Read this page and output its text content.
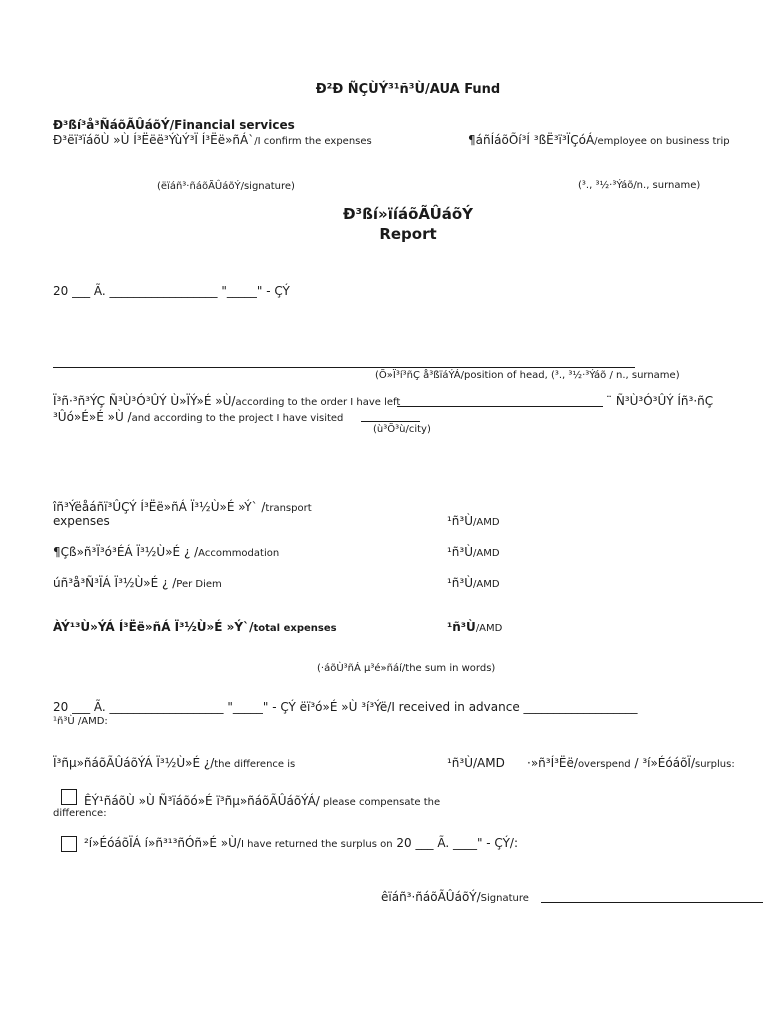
Ð²Ð ÑÇÙÝ³¹ñ³Ù/AUA Fund
Ð³ßí³å³ÑáõÃÛáõÝ/Financial services
Ð³ëï³ïáõÙ »Ù Í³Ëëë³ÝùÝ³Ï Í³Ëë»ñÁ`/I confirm the expenses
(ëïáñ³·ñáõÃÛáõÝ/signature)
¶áñÍáõÕí³Í ³ßË³ï³ÏÇóÁ/employee on business trip
(³., ³½·³Ýáõ/n., surname)
Ð³ßí»ïíáõÃÛáõÝ
Report
20 ___ Ã. __________________ "_____" - ÇÝ
(Õ»Ï³í³ñÇ å³ßïáÝÁ/position of head, (³., ³½·³Ýáõ / n., surname)
Ï³ñ·³ñ³ÝÇ Ñ³Ù³Ó³ÛÝ Ù»ÏÝ»É »Ù/according to the order I have left	¨ Ñ³Ù³Ó³ÛÝ Íñ³·ñÇ
³Ûó»É»É »Ù /and according to the project I have visited
(ù³Õ³ù/city)
îñ³Ýëåáñï³ÛÇÝ Í³Ëë»ñÁ Ï³½Ù»É »Ý` /transport
expenses	¹ñ³Ù/AMD
¶Çß»ñ³Ï³ó³ÉÁ Ï³½Ù»É ¿ /Accommodation	¹ñ³Ù/AMD
úñ³å³Ñ³ÏÁ Ï³½Ù»É ¿ /Per Diem	¹ñ³Ù/AMD
ÀÝ¹³Ù»ÝÁ Í³Ëë»ñÁ Ï³½Ù»É »Ý`/total expenses	¹ñ³Ù/AMD
(·áõÙ³ñÁ µ³é»ñáí/the sum in words)
20 ___ Ã. ___________________ "_____" - ÇÝ ëï³ó»É »Ù ³í³Ýë/I received in advance ___________________
¹ñ³Ù /AMD:
Ï³ñµ»ñáõÃÛáõÝÁ Ï³½Ù»É ¿/the difference is	¹ñ³Ù/AMD ·»ñ³Í³Ëë/overspend / ³í»ÉóáõÏ/surplus:
ÊÝ¹ñáõÙ »Ù Ñ³ïáõó»É ï³ñµ»ñáõÃÛáõÝÁ/ please compensate the
difference:
²í»ÉóáõÏÁ í»ñ³¹³ñÓñ»É »Ù/I have returned the surplus on 20 ___ Ã. ____" - ÇÝ/:
êïáñ³·ñáõÃÛáõÝ/Signature
